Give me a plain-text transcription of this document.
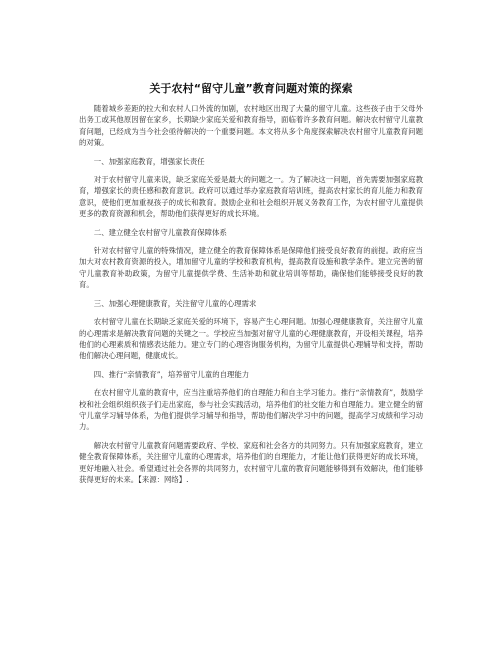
关于农村“留守儿童”教育问题对策的探索

随着城乡差距的拉大和农村人口外流的加剧，农村地区出现了大量的留守儿童。这些孩子由于父母外出务工或其他原因留在家乡，长期缺少家庭关爱和教育指导，面临着许多教育问题。解决农村留守儿童教育问题，已经成为当今社会亟待解决的一个重要问题。本文将从多个角度探索解决农村留守儿童教育问题的对策。

一、加强家庭教育，增强家长责任

对于农村留守儿童来说，缺乏家庭关爱是最大的问题之一。为了解决这一问题，首先需要加强家庭教育，增强家长的责任感和教育意识。政府可以通过举办家庭教育培训班，提高农村家长的育儿能力和教育意识，使他们更加重视孩子的成长和教育。鼓励企业和社会组织开展义务教育工作，为农村留守儿童提供更多的教育资源和机会，帮助他们获得更好的成长环境。

二、建立健全农村留守儿童教育保障体系

针对农村留守儿童的特殊情况，建立健全的教育保障体系是保障他们接受良好教育的前提。政府应当加大对农村教育资源的投入，增加留守儿童的学校和教育机构，提高教育设施和教学条件。建立完善的留守儿童教育补助政策，为留守儿童提供学费、生活补助和就业培训等帮助，确保他们能够接受良好的教育。

三、加强心理健康教育，关注留守儿童的心理需求

农村留守儿童在长期缺乏家庭关爱的环境下，容易产生心理问题。加强心理健康教育，关注留守儿童的心理需求是解决教育问题的关键之一。学校应当加强对留守儿童的心理健康教育，开设相关课程，培养他们的心理素质和情感表达能力。建立专门的心理咨询服务机构，为留守儿童提供心理辅导和支持，帮助他们解决心理问题，健康成长。

四、推行“亲情教育”，培养留守儿童的自理能力

在农村留守儿童的教育中，应当注重培养他们的自理能力和自主学习能力。推行“亲情教育”，鼓励学校和社会组织组织孩子们走出家庭，参与社会实践活动，培养他们的社交能力和自理能力。建立健全的留守儿童学习辅导体系，为他们提供学习辅导和指导，帮助他们解决学习中的问题，提高学习成绩和学习动力。

解决农村留守儿童教育问题需要政府、学校、家庭和社会各方的共同努力。只有加强家庭教育，建立健全教育保障体系，关注留守儿童的心理需求，培养他们的自理能力，才能让他们获得更好的成长环境，更好地融入社会。希望通过社会各界的共同努力，农村留守儿童的教育问题能够得到有效解决，他们能够获得更好的未来。【来源：网络】.
